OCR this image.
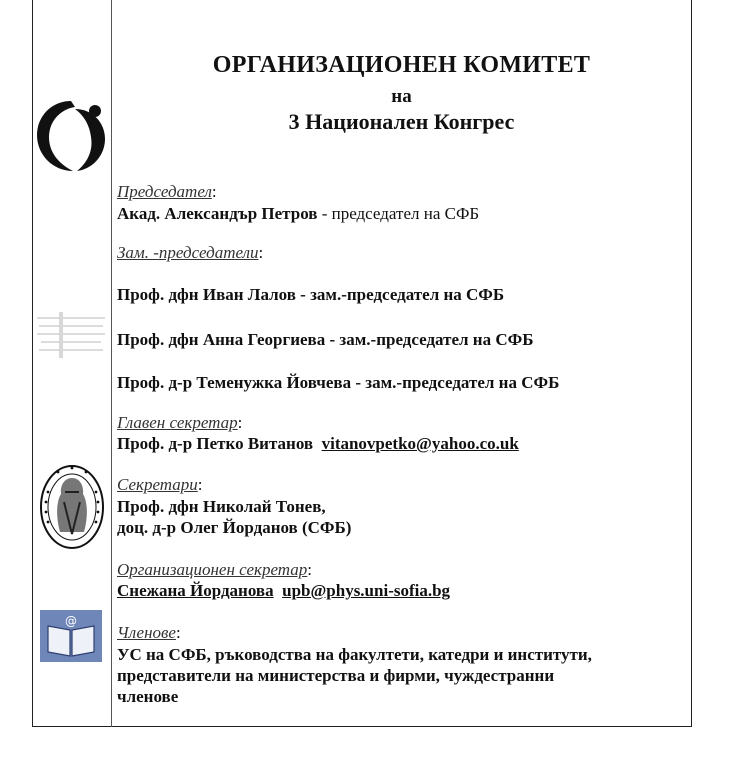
@
ОРГАНИЗАЦИОНЕН КОМИТЕТ
на
3 Национален Конгрес
Председател:
Акад. Александър Петров - председател на СФБ
Зам. -председатели:
Проф. дфн Иван Лалов - зам.-председател на СФБ
Проф. дфн Анна Георгиева - зам.-председател на СФБ
Проф. д-р Теменужка Йовчева - зам.-председател на СФБ
Главен секретар:
Проф. д-р Петко Витанов vitanovpetko@yahoo.co.uk
Секретари:
Проф. дфн Николай Тонев,
доц. д-р Олег Йорданов (СФБ)
Организационен секретар:
Снежана Йорданова upb@phys.uni-sofia.bg
Членове:
УС на СФБ, ръководства на факултети, катедри и институти,
представители на министерства и фирми, чуждестранни
членове
